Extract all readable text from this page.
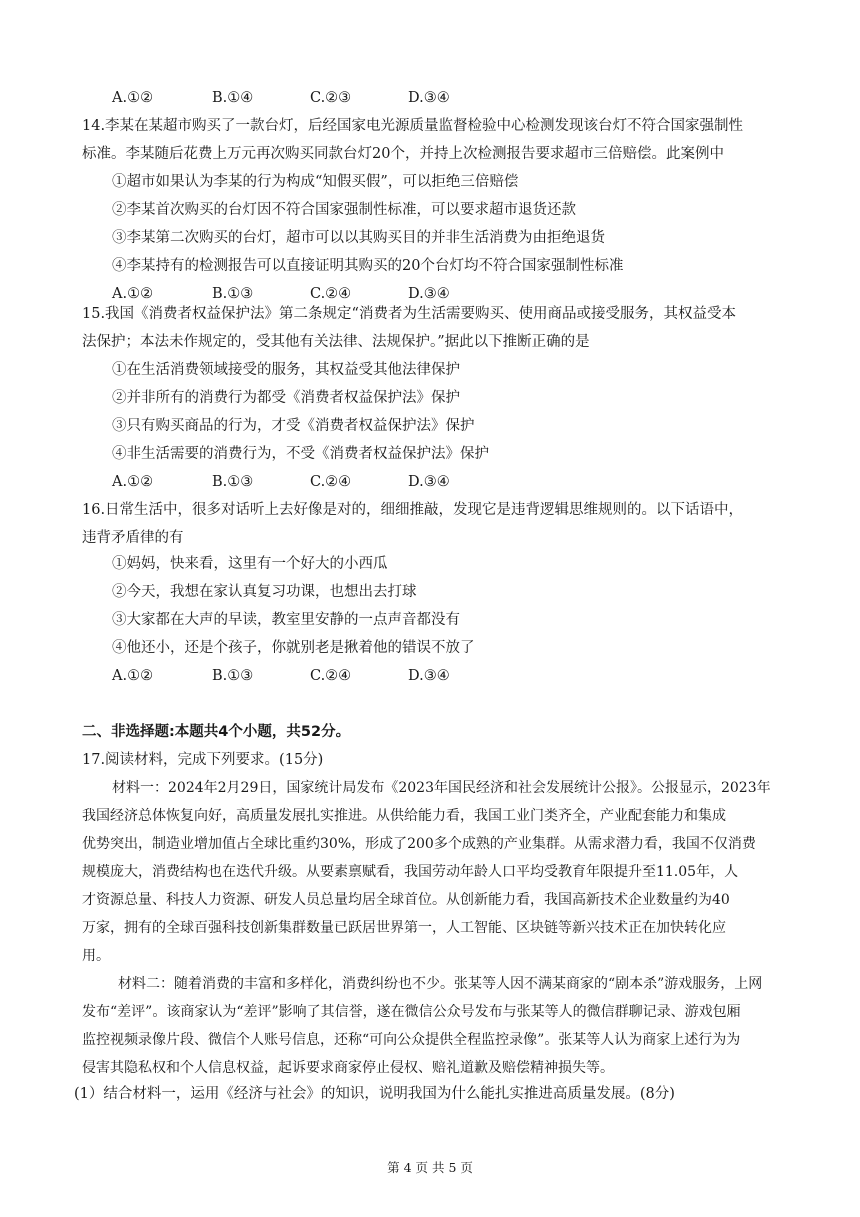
A.①②	B.①④	C.②③	D.③④
14.李某在某超市购买了一款台灯，后经国家电光源质量监督检验中心检测发现该台灯不符合国家强制性
标准。李某随后花费上万元再次购买同款台灯20个，并持上次检测报告要求超市三倍赔偿。此案例中
①超市如果认为李某的行为构成“知假买假”，可以拒绝三倍赔偿
②李某首次购买的台灯因不符合国家强制性标准，可以要求超市退货还款
③李某第二次购买的台灯，超市可以以其购买目的并非生活消费为由拒绝退货
④李某持有的检测报告可以直接证明其购买的20个台灯均不符合国家强制性标准
A.①②	B.①③	C.②④	D.③④
15.我国《消费者权益保护法》第二条规定“消费者为生活需要购买、使用商品或接受服务，其权益受本
法保护；本法未作规定的，受其他有关法律、法规保护。”据此以下推断正确的是
①在生活消费领域接受的服务，其权益受其他法律保护
②并非所有的消费行为都受《消费者权益保护法》保护
③只有购买商品的行为，才受《消费者权益保护法》保护
④非生活需要的消费行为，不受《消费者权益保护法》保护
A.①②	B.①③	C.②④	D.③④
16.日常生活中，很多对话听上去好像是对的，细细推敲，发现它是违背逻辑思维规则的。以下话语中，
违背矛盾律的有
①妈妈，快来看，这里有一个好大的小西瓜
②今天，我想在家认真复习功课，也想出去打球
③大家都在大声的早读，教室里安静的一点声音都没有
④他还小，还是个孩子，你就别老是揪着他的错误不放了
A.①②	B.①③	C.②④	D.③④
二、非选择题:本题共4个小题，共52分。
17.阅读材料，完成下列要求。(15分)
材料一：2024年2月29日，国家统计局发布《2023年国民经济和社会发展统计公报》。公报显示，2023年
我国经济总体恢复向好，高质量发展扎实推进。从供给能力看，我国工业门类齐全，产业配套能力和集成
优势突出，制造业增加值占全球比重约30%，形成了200多个成熟的产业集群。从需求潜力看，我国不仅消费
规模庞大，消费结构也在迭代升级。从要素禀赋看，我国劳动年龄人口平均受教育年限提升至11.05年，人
才资源总量、科技人力资源、研发人员总量均居全球首位。从创新能力看，我国高新技术企业数量约为40
万家，拥有的全球百强科技创新集群数量已跃居世界第一，人工智能、区块链等新兴技术正在加快转化应
用。
材料二：随着消费的丰富和多样化，消费纠纷也不少。张某等人因不满某商家的“剧本杀”游戏服务，上网
发布“差评”。该商家认为“差评”影响了其信誉，遂在微信公众号发布与张某等人的微信群聊记录、游戏包厢
监控视频录像片段、微信个人账号信息，还称“可向公众提供全程监控录像”。张某等人认为商家上述行为为
侵害其隐私权和个人信息权益，起诉要求商家停止侵权、赔礼道歉及赔偿精神损失等。
(1）结合材料一，运用《经济与社会》的知识，说明我国为什么能扎实推进高质量发展。(8分)
第 4 页 共 5 页
